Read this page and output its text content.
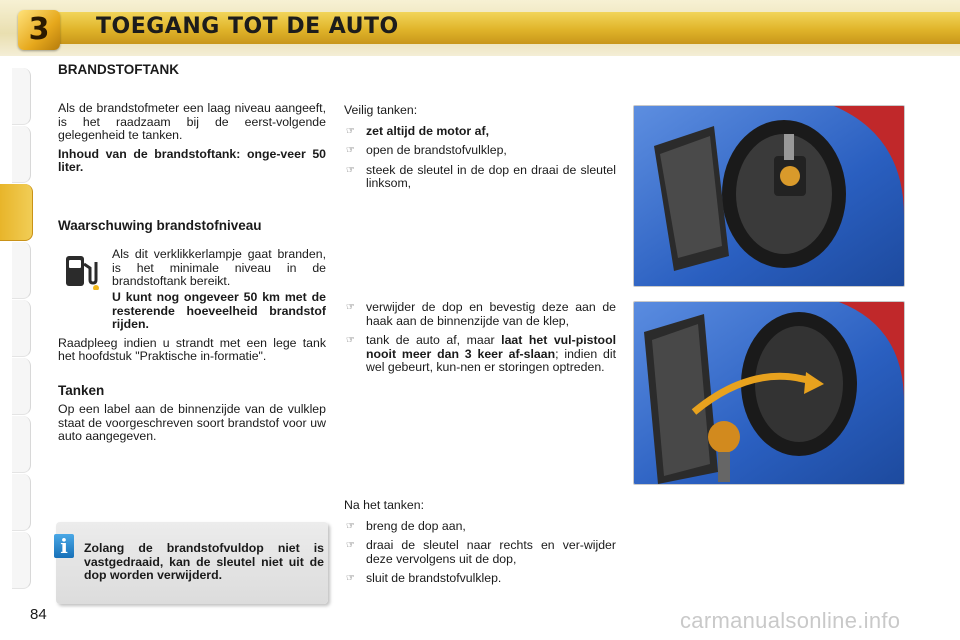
3	TOEGANG TOT DE AUTO
BRANDSTOFTANK

Als de brandstofmeter een laag niveau aangeeft, is het raadzaam bij de eerst-volgende gelegenheid te tanken.

Inhoud van de brandstoftank: onge-veer 50 liter.

Waarschuwing brandstofniveau

Als dit verklikkerlampje gaat branden, is het minimale niveau in de brandstoftank bereikt.

U kunt nog ongeveer 50 km met de resterende hoeveelheid brandstof rijden.

Raadpleeg indien u strandt met een lege tank het hoofdstuk "Praktische in-formatie".

Tanken

Op een label aan de binnenzijde van de vulklep staat de voorgeschreven soort brandstof voor uw auto aangegeven.

Veilig tanken:

☞ zet altijd de motor af,
☞ open de brandstofvulklep,
☞ steek de sleutel in de dop en draai de sleutel linksom,
☞ verwijder de dop en bevestig deze aan de haak aan de binnenzijde van de klep,
☞ tank de auto af, maar laat het vul-pistool nooit meer dan 3 keer af-slaan; indien dit wel gebeurt, kun-nen er storingen optreden.

Na het tanken:

☞ breng de dop aan,
☞ draai de sleutel naar rechts en ver-wijder deze vervolgens uit de dop,
☞ sluit de brandstofvulklep.
i	Zolang de brandstofvuldop niet is vastgedraaid, kan de sleutel niet uit de dop worden verwijderd.
84	carmanualsonline.info
